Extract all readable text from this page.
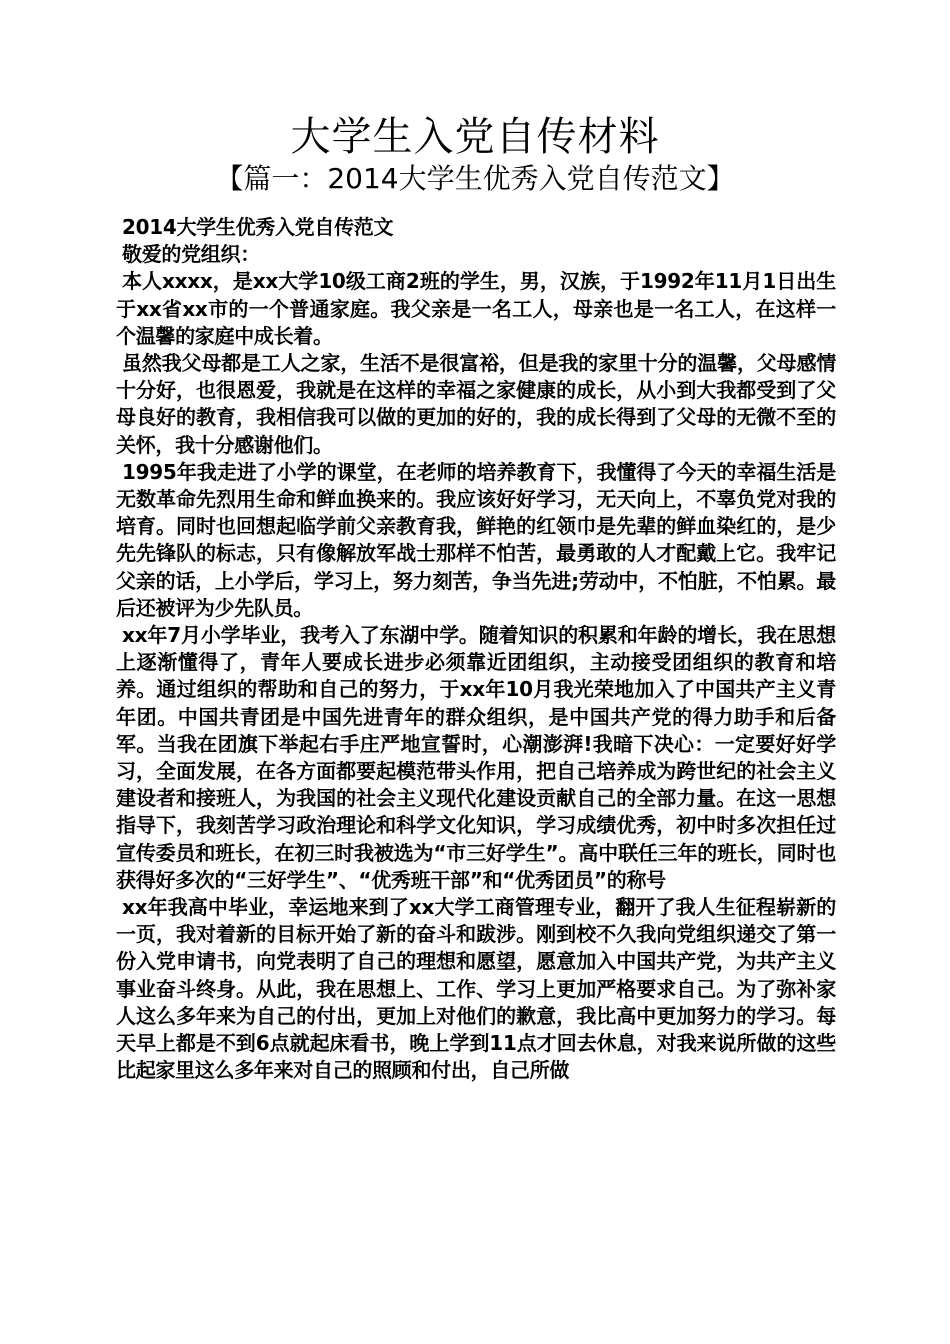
大学生入党自传材料
【篇一：2014大学生优秀入党自传范文】

2014大学生优秀入党自传范文

敬爱的党组织：

本人xxxx，是xx大学10级工商2班的学生，男，汉族，于1992年11月1日出生于xx省xx市的一个普通家庭。我父亲是一名工人，母亲也是一名工人，在这样一个温馨的家庭中成长着。

虽然我父母都是工人之家，生活不是很富裕，但是我的家里十分的温馨，父母感情十分好，也很恩爱，我就是在这样的幸福之家健康的成长，从小到大我都受到了父母良好的教育，我相信我可以做的更加的好的，我的成长得到了父母的无微不至的关怀，我十分感谢他们。

1995年我走进了小学的课堂，在老师的培养教育下，我懂得了今天的幸福生活是无数革命先烈用生命和鲜血换来的。我应该好好学习，无天向上，不辜负党对我的培育。同时也回想起临学前父亲教育我，鲜艳的红领巾是先辈的鲜血染红的，是少先先锋队的标志，只有像解放军战士那样不怕苦，最勇敢的人才配戴上它。我牢记父亲的话，上小学后，学习上，努力刻苦，争当先进;劳动中，不怕脏，不怕累。最后还被评为少先队员。

xx年7月小学毕业，我考入了东湖中学。随着知识的积累和年龄的增长，我在思想上逐渐懂得了，青年人要成长进步必须靠近团组织，主动接受团组织的教育和培养。通过组织的帮助和自己的努力，于xx年10月我光荣地加入了中国共产主义青年团。中国共青团是中国先进青年的群众组织，是中国共产党的得力助手和后备军。当我在团旗下举起右手庄严地宣誓时，心潮澎湃!我暗下决心：一定要好好学习，全面发展，在各方面都要起模范带头作用，把自己培养成为跨世纪的社会主义建设者和接班人，为我国的社会主义现代化建设贡献自己的全部力量。在这一思想指导下，我刻苦学习政治理论和科学文化知识，学习成绩优秀，初中时多次担任过宣传委员和班长，在初三时我被选为“市三好学生”。高中联任三年的班长，同时也获得好多次的“三好学生”、“优秀班干部”和“优秀团员”的称号

xx年我高中毕业，幸运地来到了xx大学工商管理专业，翻开了我人生征程崭新的一页，我对着新的目标开始了新的奋斗和跋涉。刚到校不久我向党组织递交了第一份入党申请书，向党表明了自己的理想和愿望，愿意加入中国共产党，为共产主义事业奋斗终身。从此，我在思想上、工作、学习上更加严格要求自己。为了弥补家人这么多年来为自己的付出，更加上对他们的歉意，我比高中更加努力的学习。每天早上都是不到6点就起床看书，晚上学到11点才回去休息，对我来说所做的这些比起家里这么多年来对自己的照顾和付出，自己所做
